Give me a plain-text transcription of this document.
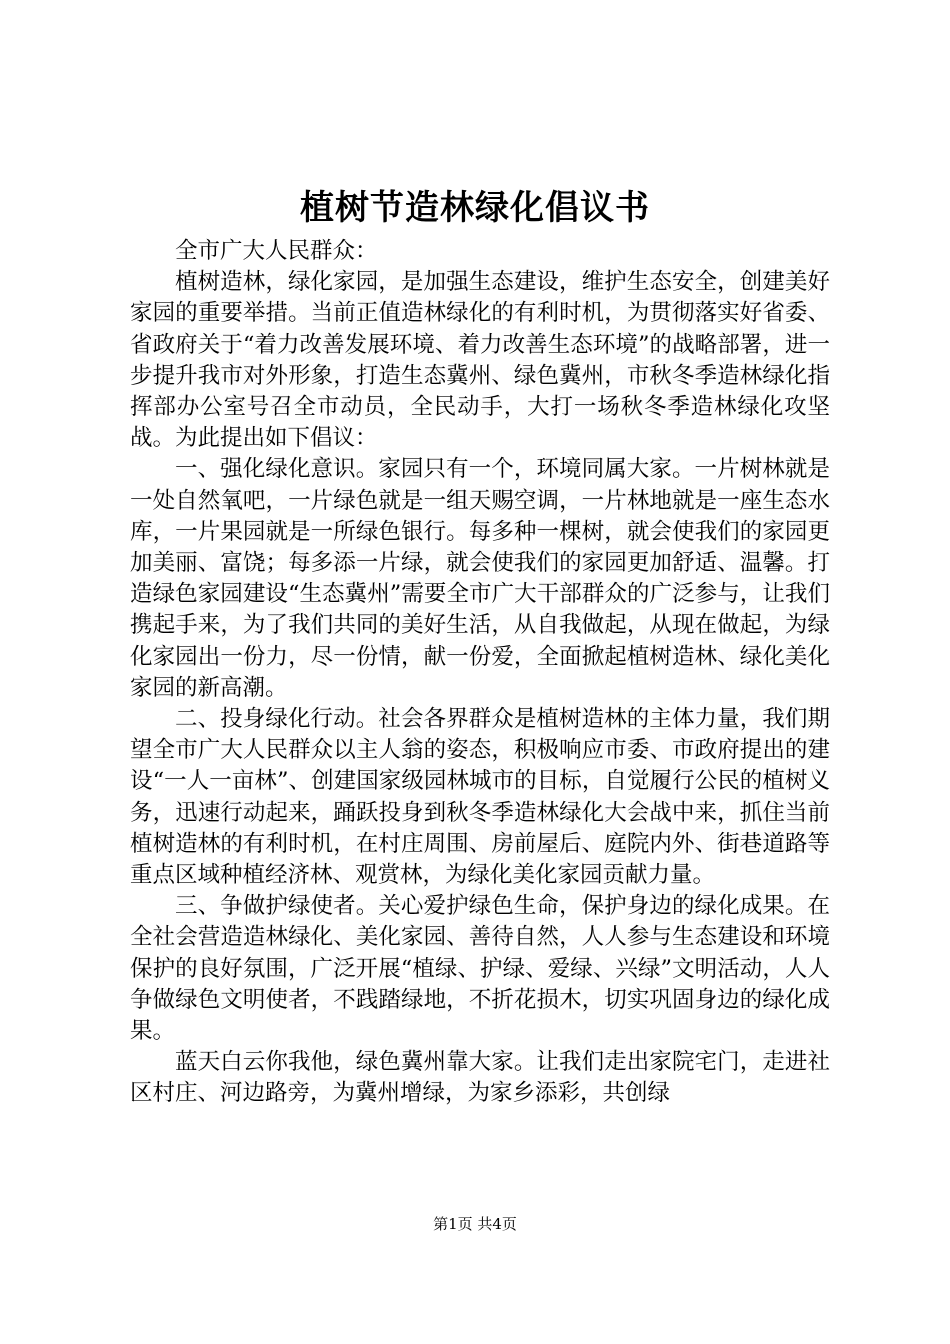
植树节造林绿化倡议书

全市广大人民群众：

植树造林，绿化家园，是加强生态建设，维护生态安全，创建美好家园的重要举措。当前正值造林绿化的有利时机，为贯彻落实好省委、省政府关于“着力改善发展环境、着力改善生态环境”的战略部署，进一步提升我市对外形象，打造生态冀州、绿色冀州，市秋冬季造林绿化指挥部办公室号召全市动员，全民动手，大打一场秋冬季造林绿化攻坚战。为此提出如下倡议：

一、强化绿化意识。家园只有一个，环境同属大家。一片树林就是一处自然氧吧，一片绿色就是一组天赐空调，一片林地就是一座生态水库，一片果园就是一所绿色银行。每多种一棵树，就会使我们的家园更加美丽、富饶；每多添一片绿，就会使我们的家园更加舒适、温馨。打造绿色家园建设“生态冀州”需要全市广大干部群众的广泛参与，让我们携起手来，为了我们共同的美好生活，从自我做起，从现在做起，为绿化家园出一份力，尽一份情，献一份爱，全面掀起植树造林、绿化美化家园的新高潮。

二、投身绿化行动。社会各界群众是植树造林的主体力量，我们期望全市广大人民群众以主人翁的姿态，积极响应市委、市政府提出的建设“一人一亩林”、创建国家级园林城市的目标，自觉履行公民的植树义务，迅速行动起来，踊跃投身到秋冬季造林绿化大会战中来，抓住当前植树造林的有利时机，在村庄周围、房前屋后、庭院内外、街巷道路等重点区域种植经济林、观赏林，为绿化美化家园贡献力量。

三、争做护绿使者。关心爱护绿色生命，保护身边的绿化成果。在全社会营造造林绿化、美化家园、善待自然，人人参与生态建设和环境保护的良好氛围，广泛开展“植绿、护绿、爱绿、兴绿”文明活动，人人争做绿色文明使者，不践踏绿地，不折花损木，切实巩固身边的绿化成果。

蓝天白云你我他，绿色冀州靠大家。让我们走出家院宅门，走进社区村庄、河边路旁，为冀州增绿，为家乡添彩，共创绿

第1页 共4页
